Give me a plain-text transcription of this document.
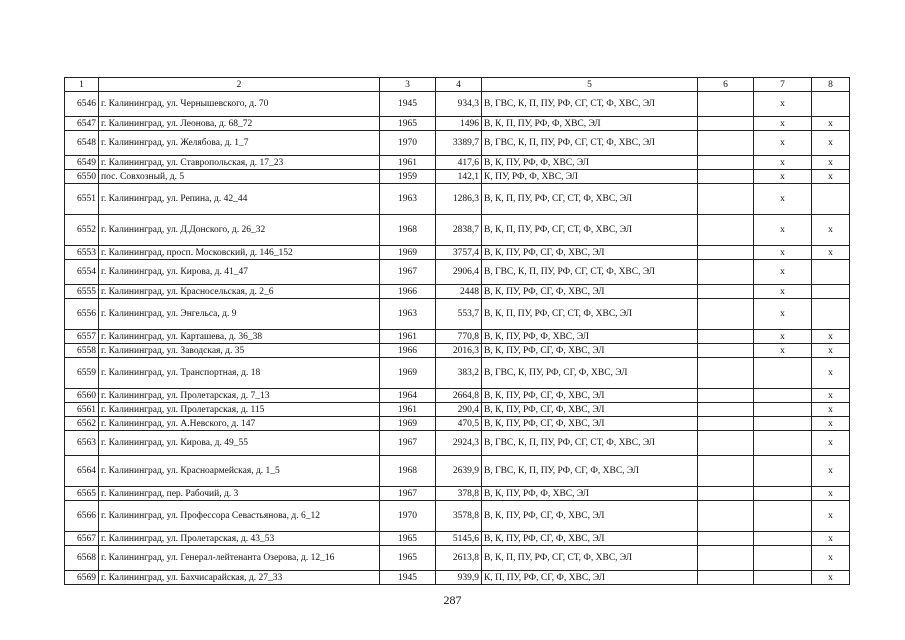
1	2	3	4	5	6	7	8
6546	г. Калининград, ул. Чернышевского, д. 70	1945	934,3	В, ГВС, К, П, ПУ, РФ, СГ, СТ, Ф, ХВС, ЭЛ		х	
6547	г. Калининград, ул. Леонова, д. 68_72	1965	1496	В, К, П, ПУ, РФ, Ф, ХВС, ЭЛ		х	х
6548	г. Калининград, ул. Желябова, д. 1_7	1970	3389,7	В, ГВС, К, П, ПУ, РФ, СГ, СТ, Ф, ХВС, ЭЛ		х	х
6549	г. Калининград, ул. Ставропольская, д. 17_23	1961	417,6	В, К, ПУ, РФ, Ф, ХВС, ЭЛ		х	х
6550	пос. Совхозный, д. 5	1959	142,1	К, ПУ, РФ, Ф, ХВС, ЭЛ		х	х
6551	г. Калининград, ул. Репина, д. 42_44	1963	1286,3	В, К, П, ПУ, РФ, СГ, СТ, Ф, ХВС, ЭЛ		х	
6552	г. Калининград, ул. Д.Донского, д. 26_32	1968	2838,7	В, К, П, ПУ, РФ, СГ, СТ, Ф, ХВС, ЭЛ		х	х
6553	г. Калининград, просп. Московский, д. 146_152	1969	3757,4	В, К, ПУ, РФ, СГ, Ф, ХВС, ЭЛ		х	х
6554	г. Калининград, ул. Кирова, д. 41_47	1967	2906,4	В, ГВС, К, П, ПУ, РФ, СГ, СТ, Ф, ХВС, ЭЛ		х	
6555	г. Калининград, ул. Красносельская, д. 2_6	1966	2448	В, К, ПУ, РФ, СГ, Ф, ХВС, ЭЛ		х	
6556	г. Калининград, ул. Энгельса, д. 9	1963	553,7	В, К, П, ПУ, РФ, СГ, СТ, Ф, ХВС, ЭЛ		х	
6557	г. Калининград, ул. Карташева, д. 36_38	1961	770,8	В, К, ПУ, РФ, Ф, ХВС, ЭЛ		х	х
6558	г. Калининград, ул. Заводская, д. 35	1966	2016,3	В, К, ПУ, РФ, СГ, Ф, ХВС, ЭЛ		х	х
6559	г. Калининград, ул. Транспортная, д. 18	1969	383,2	В, ГВС, К, ПУ, РФ, СГ, Ф, ХВС, ЭЛ			х
6560	г. Калининград, ул. Пролетарская, д. 7_13	1964	2664,8	В, К, ПУ, РФ, СГ, Ф, ХВС, ЭЛ			х
6561	г. Калининград, ул. Пролетарская, д. 115	1961	290,4	В, К, ПУ, РФ, СГ, Ф, ХВС, ЭЛ			х
6562	г. Калининград, ул. А.Невского, д. 147	1969	470,5	В, К, ПУ, РФ, СГ, Ф, ХВС, ЭЛ			х
6563	г. Калининград, ул. Кирова, д. 49_55	1967	2924,3	В, ГВС, К, П, ПУ, РФ, СГ, СТ, Ф, ХВС, ЭЛ			х
6564	г. Калининград, ул. Красноармейская, д. 1_5	1968	2639,9	В, ГВС, К, П, ПУ, РФ, СГ, Ф, ХВС, ЭЛ			х
6565	г. Калининград, пер. Рабочий, д. 3	1967	378,8	В, К, ПУ, РФ, Ф, ХВС, ЭЛ			х
6566	г. Калининград, ул. Профессора Севастьянова, д. 6_12	1970	3578,8	В, К, ПУ, РФ, СГ, Ф, ХВС, ЭЛ			х
6567	г. Калининград, ул. Пролетарская, д. 43_53	1965	5145,6	В, К, ПУ, РФ, СГ, Ф, ХВС, ЭЛ			х
6568	г. Калининград, ул. Генерал-лейтенанта Озерова, д. 12_16	1965	2613,8	В, К, П, ПУ, РФ, СГ, СТ, Ф, ХВС, ЭЛ			х
6569	г. Калининград, ул. Бахчисарайская, д. 27_33	1945	939,9	К, П, ПУ, РФ, СГ, Ф, ХВС, ЭЛ			х
287
